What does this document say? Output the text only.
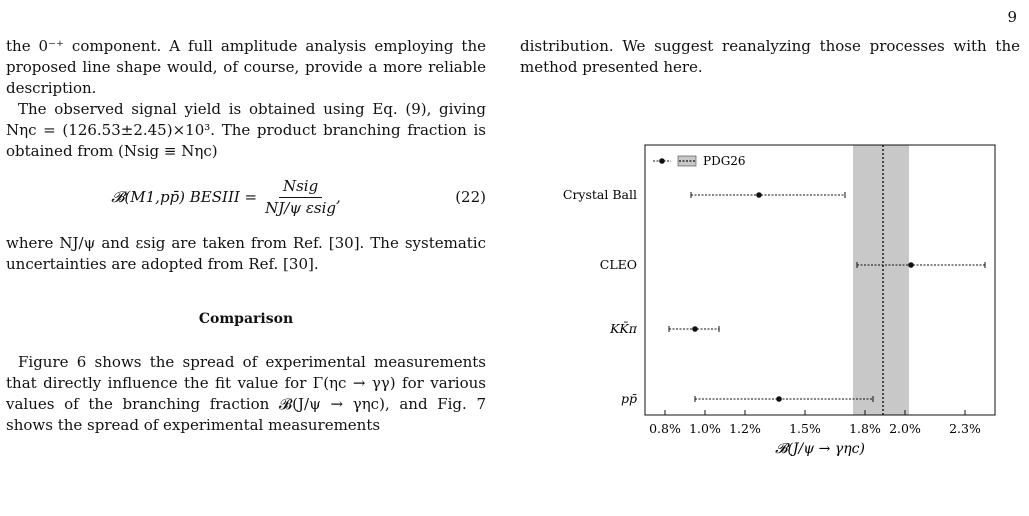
9

the 0⁻⁺ component. A full amplitude analysis employing the proposed line shape would, of course, provide a more reliable description.

The observed signal yield is obtained using Eq. (9), giving Nηc = (126.53±2.45)×10³. The product branching fraction is obtained from (Nsig ≡ Nηc)

𝓑(M1,pp̄) BESIII = $\frac{\text{Nsig}}{\text{NJ/ψ εsig}}$ ,	(22)

where NJ/ψ and εsig are taken from Ref. [30]. The systematic uncertainties are adopted from Ref. [30].

Comparison

Figure 6 shows the spread of experimental measurements that directly influence the fit value for Γ(ηc → γγ) for various values of the branching fraction 𝓑(J/ψ → γηc), and Fig. 7 shows the spread of experimental measurements

distribution. We suggest reanalyzing those processes with the method presented here.

PDG26
Crystal Ball
CLEO
KK̄π
pp̄
0.8% 1.0% 1.2% 1.5% 1.8% 2.0% 2.3%
𝓑(J/ψ → γηc)
